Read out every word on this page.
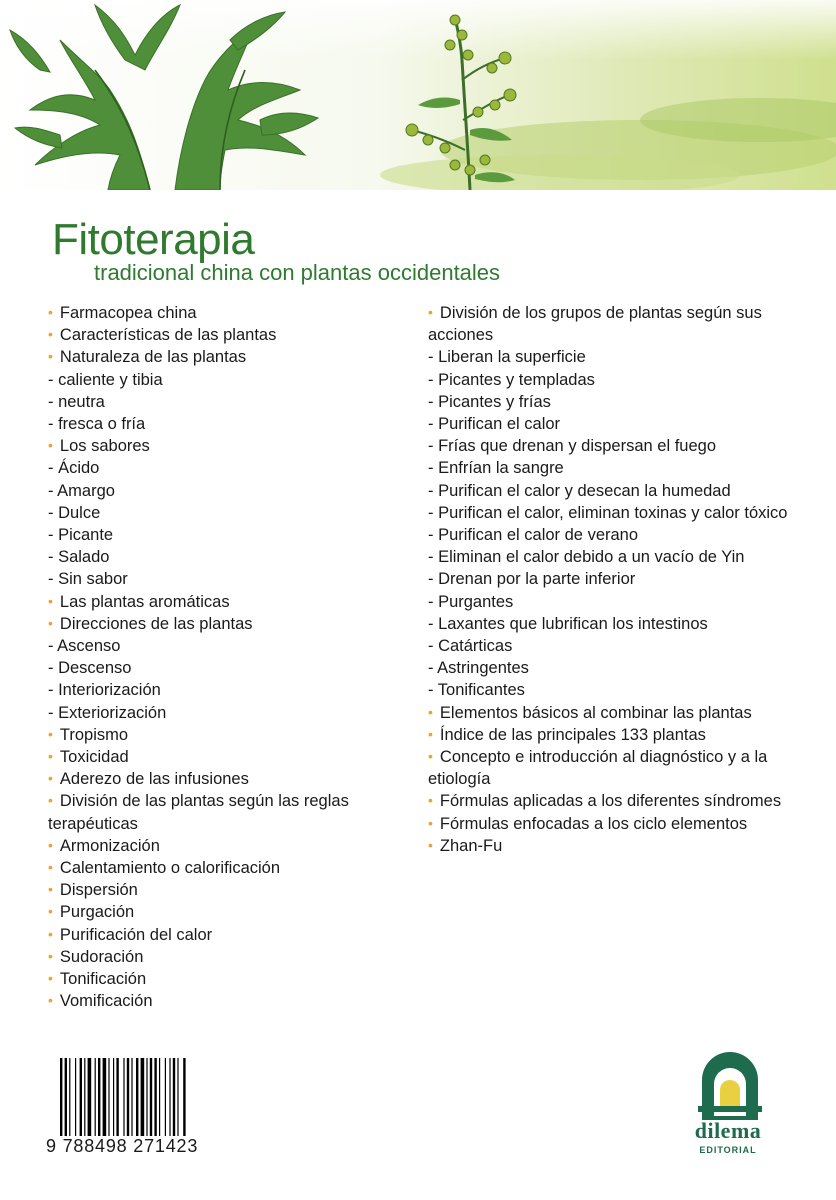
Fitoterapia
tradicional china con plantas occidentales
• Farmacopea china
• Características de las plantas
• Naturaleza de las plantas
- caliente y tibia
- neutra
- fresca o fría
• Los sabores
- Ácido
- Amargo
- Dulce
- Picante
- Salado
- Sin sabor
• Las plantas aromáticas
• Direcciones de las plantas
- Ascenso
- Descenso
- Interiorización
- Exteriorización
• Tropismo
• Toxicidad
• Aderezo de las infusiones
• División de las plantas según las reglas terapéuticas
• Armonización
• Calentamiento o calorificación
• Dispersión
• Purgación
• Purificación del calor
• Sudoración
• Tonificación
• Vomificación
• División de los grupos de plantas según sus acciones
- Liberan la superficie
- Picantes y templadas
- Picantes y frías
- Purifican el calor
- Frías que drenan y dispersan el fuego
- Enfrían la sangre
- Purifican el calor y desecan la humedad
- Purifican el calor, eliminan toxinas y calor tóxico
- Purifican el calor de verano
- Eliminan el calor debido a un vacío de Yin
- Drenan por la parte inferior
- Purgantes
- Laxantes que lubrifican los intestinos
- Catárticas
- Astringentes
- Tonificantes
• Elementos básicos al combinar las plantas
• Índice de las principales 133 plantas
• Concepto e introducción al diagnóstico y a la etiología
• Fórmulas aplicadas a los diferentes síndromes
• Fórmulas enfocadas a los ciclo elementos
• Zhan-Fu
9 788498 271423
dilema
EDITORIAL
